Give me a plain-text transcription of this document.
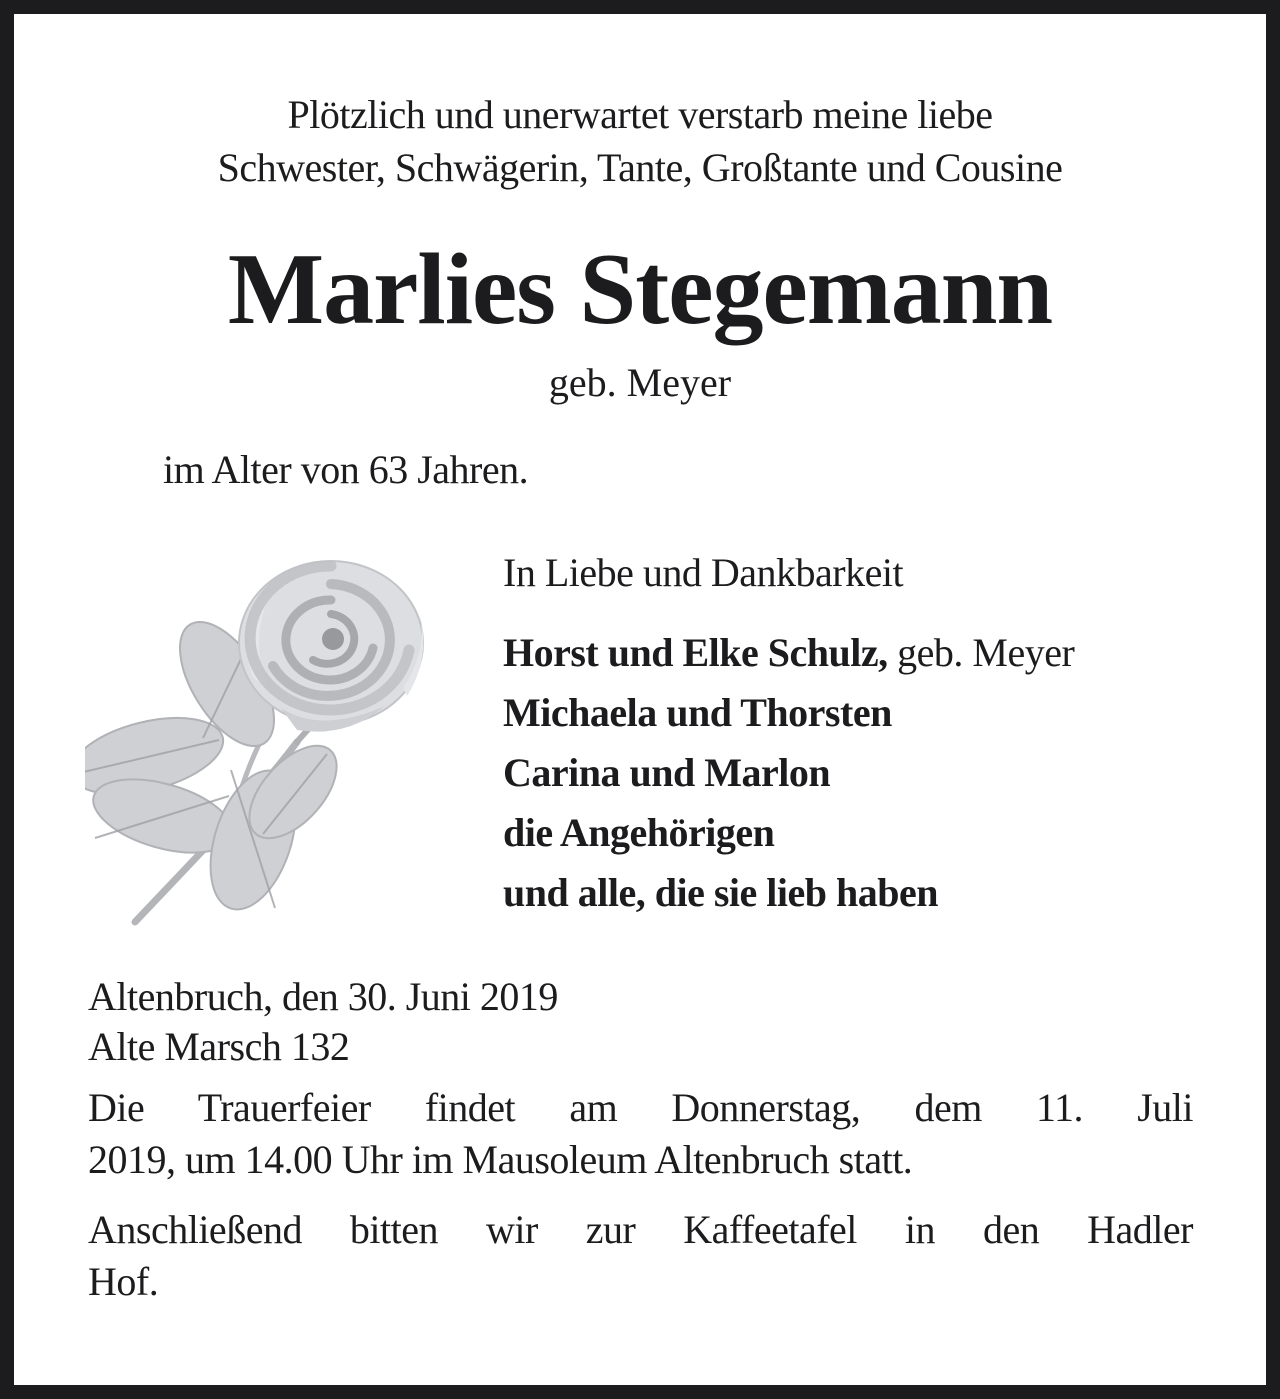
Plötzlich und unerwartet verstarb meine liebe
Schwester, Schwägerin, Tante, Großtante und Cousine
Marlies Stegemann
geb. Meyer
im Alter von 63 Jahren.
In Liebe und Dankbarkeit
Horst und Elke Schulz, geb. Meyer
Michaela und Thorsten
Carina und Marlon
die Angehörigen
und alle, die sie lieb haben
Altenbruch, den 30. Juni 2019
Alte Marsch 132
Die Trauerfeier findet am Donnerstag, dem 11. Juli
2019, um 14.00 Uhr im Mausoleum Altenbruch statt.
Anschließend bitten wir zur Kaffeetafel in den Hadler
Hof.
